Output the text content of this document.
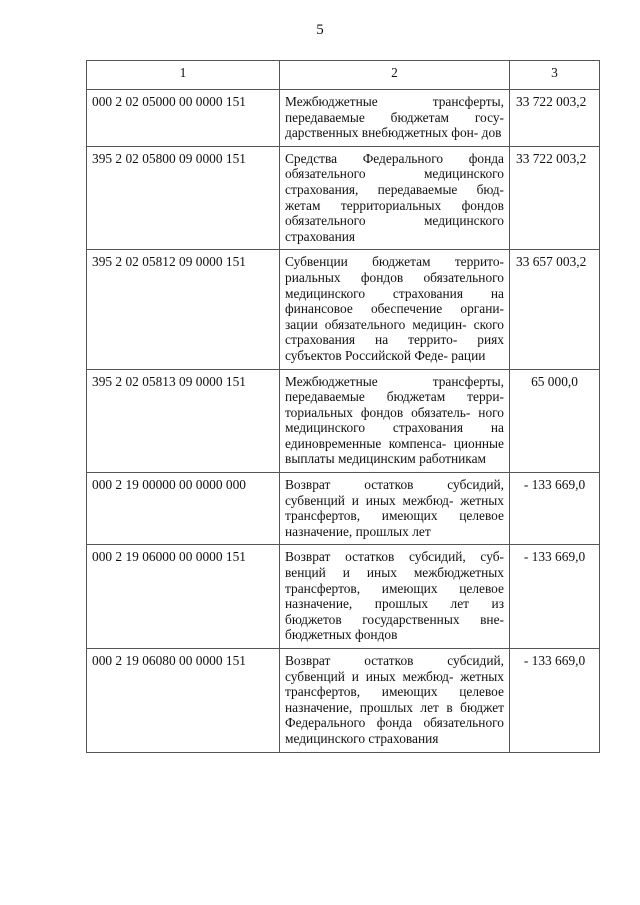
5
1	2	3
000 2 02 05000 00 0000 151	Межбюджетные трансферты, передаваемые бюджетам госу- дарственных внебюджетных фон- дов	33 722 003,2
395 2 02 05800 09 0000 151	Средства Федерального фонда обязательного медицинского страхования, передаваемые бюд- жетам территориальных фондов обязательного медицинского страхования	33 722 003,2
395 2 02 05812 09 0000 151	Субвенции бюджетам террито- риальных фондов обязательного медицинского страхования на финансовое обеспечение органи- зации обязательного медицин- ского страхования на террито- риях субъектов Российской Феде- рации	33 657 003,2
395 2 02 05813 09 0000 151	Межбюджетные трансферты, передаваемые бюджетам терри- ториальных фондов обязатель- ного медицинского страхования на единовременные компенса- ционные выплаты медицинским работникам	65 000,0
000 2 19 00000 00 0000 000	Возврат остатков субсидий, субвенций и иных межбюд- жетных трансфертов, имеющих целевое назначение, прошлых лет	- 133 669,0
000 2 19 06000 00 0000 151	Возврат остатков субсидий, суб- венций и иных межбюджетных трансфертов, имеющих целевое назначение, прошлых лет из бюджетов государственных вне- бюджетных фондов	- 133 669,0
000 2 19 06080 00 0000 151	Возврат остатков субсидий, субвенций и иных межбюд- жетных трансфертов, имеющих целевое назначение, прошлых лет в бюджет Федерального фонда обязательного медицинского страхования	- 133 669,0
